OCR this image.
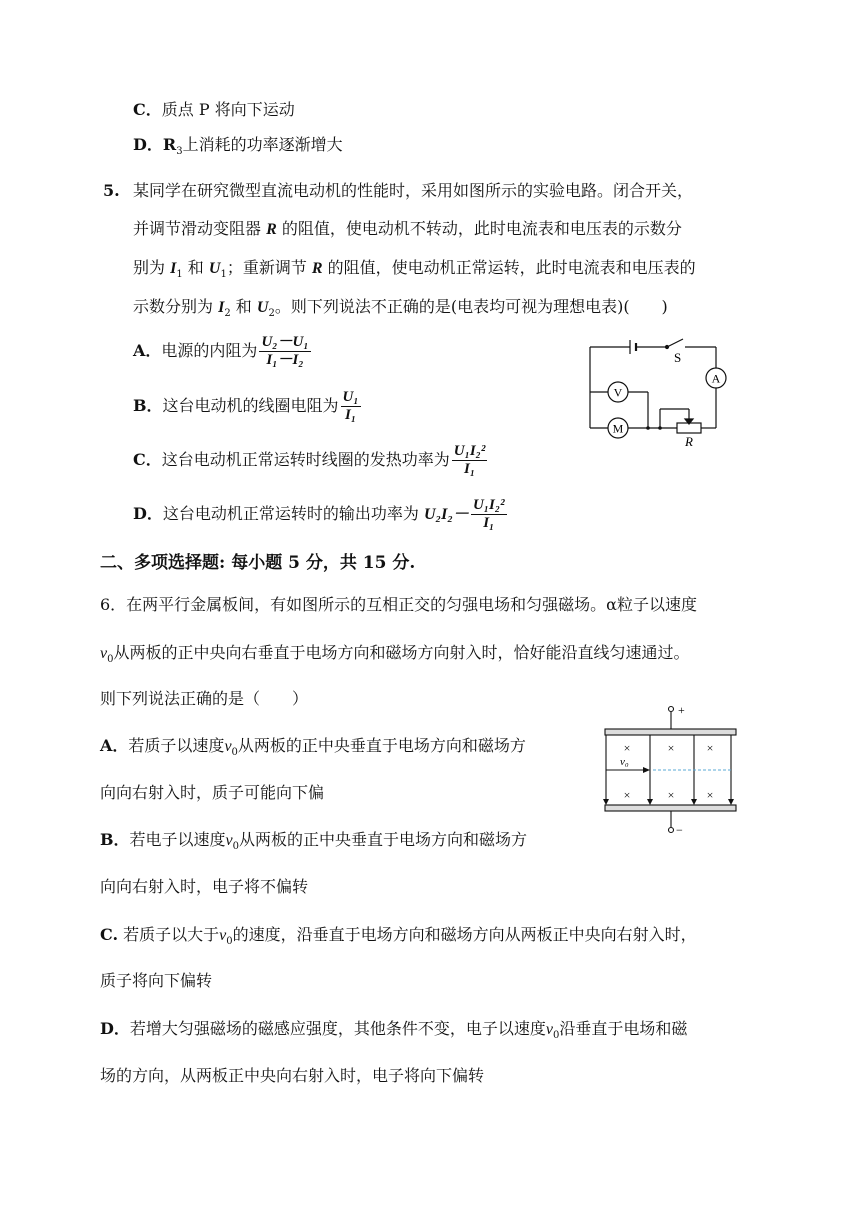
C．质点 P 将向下运动
D．$R_3$上消耗的功率逐渐增大
5. 某同学在研究微型直流电动机的性能时，采用如图所示的实验电路。闭合开关，
并调节滑动变阻器 R 的阻值，使电动机不转动，此时电流表和电压表的示数分
别为 $I_1$ 和 $U_1$；重新调节 R 的阻值，使电动机正常运转，此时电流表和电压表的
示数分别为 $I_2$ 和 $U_2$。则下列说法不正确的是(电表均可视为理想电表)(　　)
A．电源的内阻为 $\frac{\text{U₂－U₁}}{\text{I₁－I₂}}$
B．这台电动机的线圈电阻为 $\frac{\text{U₁}}{\text{I₁}}$
C．这台电动机正常运转时线圈的发热功率为 $\frac{\text{U₁I₂²}}{\text{I₁}}$
D．这台电动机正常运转时的输出功率为 $U_2I_2- \frac{\text{U₁I₂²}}{\text{I₁}}$
S
A
V
M
R
二、多项选择题: 每小题 5 分，共 15 分.
6．在两平行金属板间，有如图所示的互相正交的匀强电场和匀强磁场。α粒子以速度
$v_0$从两板的正中央向右垂直于电场方向和磁场方向射入时，恰好能沿直线匀速通过。
则下列说法正确的是（　　）
A．若质子以速度$v_0$从两板的正中央垂直于电场方向和磁场方
向向右射入时，质子可能向下偏
B．若电子以速度$v_0$从两板的正中央垂直于电场方向和磁场方
向向右射入时，电子将不偏转
C. 若质子以大于$v_0$的速度，沿垂直于电场方向和磁场方向从两板正中央向右射入时，
质子将向下偏转
D．若增大匀强磁场的磁感应强度，其他条件不变，电子以速度$v_0$沿垂直于电场和磁
场的方向，从两板正中央向右射入时，电子将向下偏转
v₀
×	×	×
×	×	×
+
−
